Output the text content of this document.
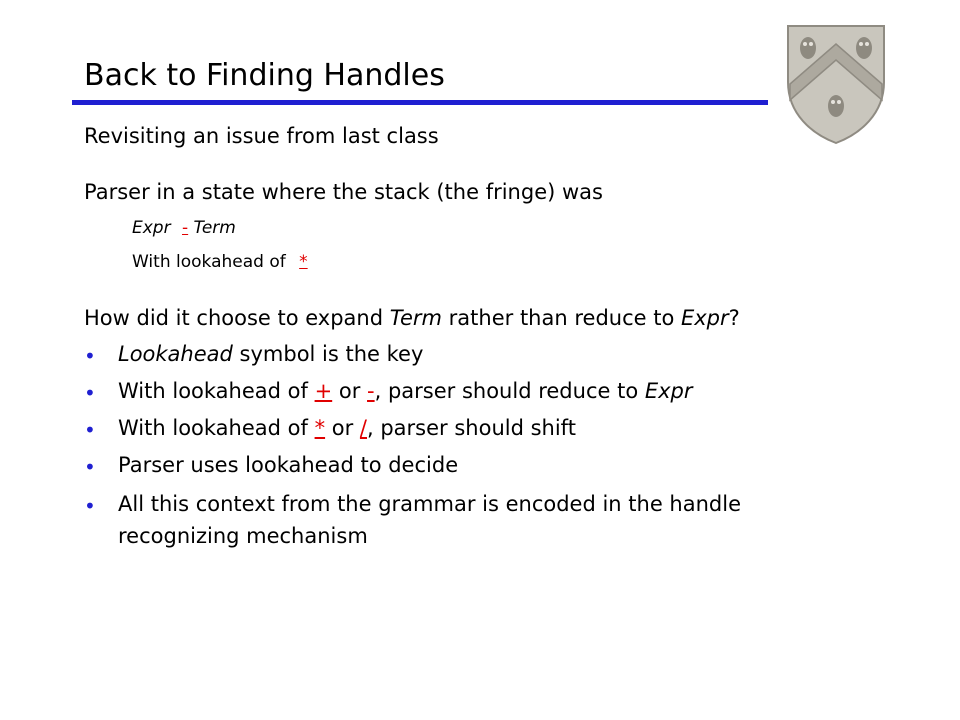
Back to Finding Handles
Revisiting an issue from last class
Parser in a state where the stack (the fringe) was
Expr - Term
With lookahead of *
How did it choose to expand Term rather than reduce to Expr?
• Lookahead symbol is the key
• With lookahead of + or -, parser should reduce to Expr
• With lookahead of * or /, parser should shift
• Parser uses lookahead to decide
• All this context from the grammar is encoded in the handle
recognizing mechanism
